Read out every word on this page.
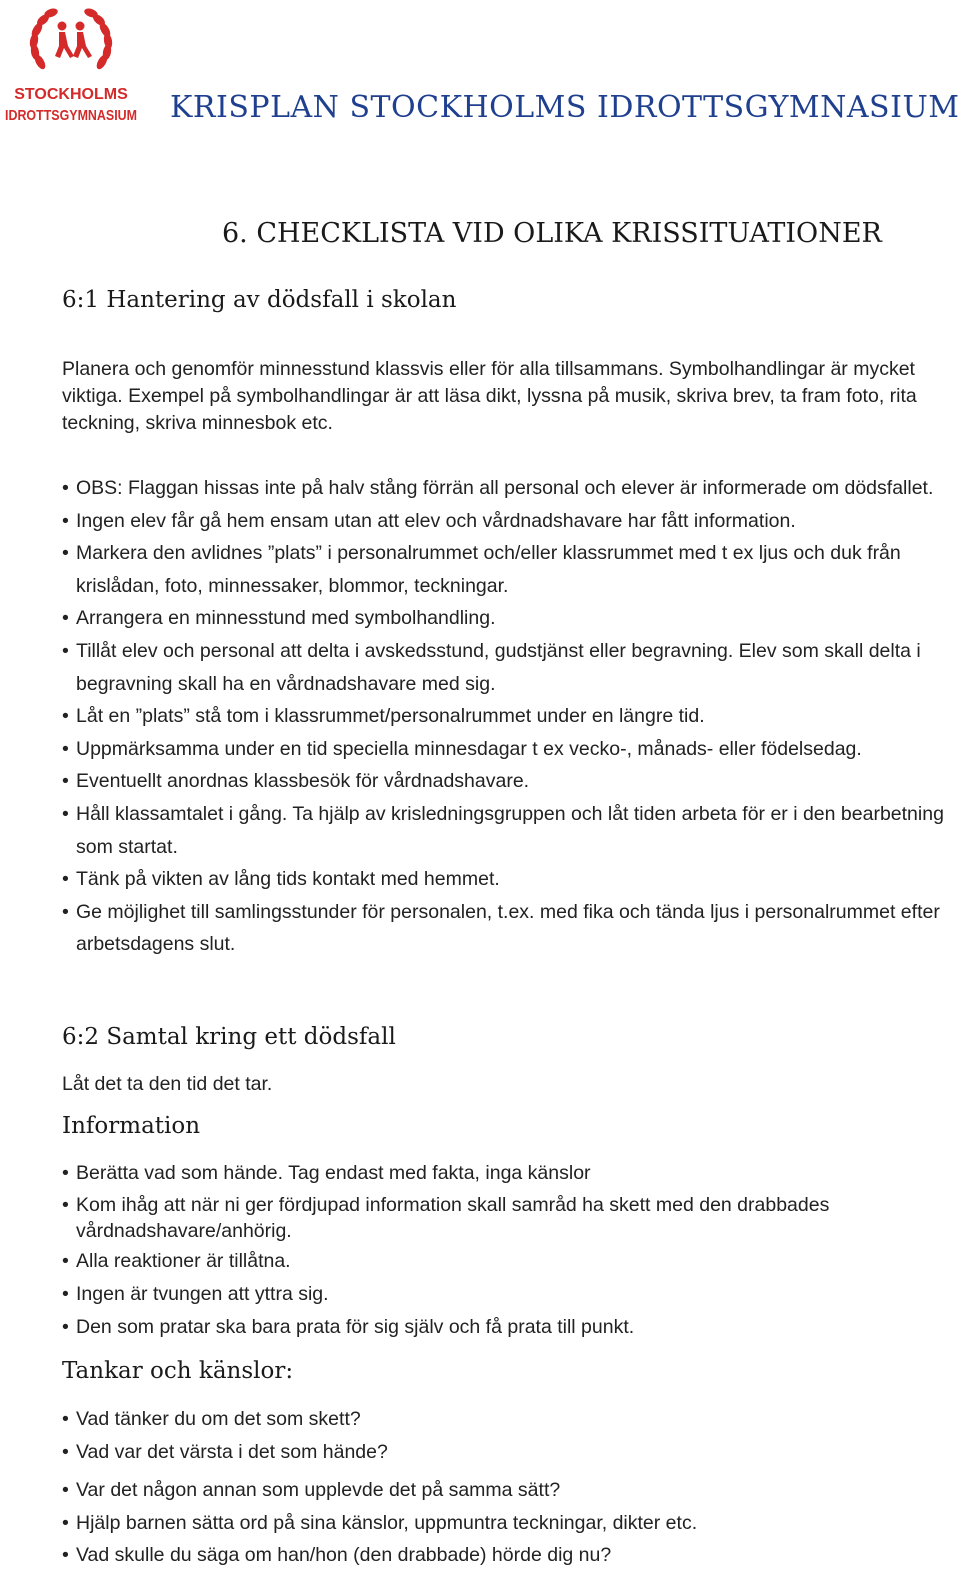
STOCKHOLMS
IDROTTSGYMNASIUM KRISPLAN STOCKHOLMS IDROTTSGYMNASIUM
6. CHECKLISTA VID OLIKA KRISSITUATIONER
6:1 Hantering av dödsfall i skolan

Planera och genomför minnesstund klassvis eller för alla tillsammans. Symbolhandlingar är mycket viktiga. Exempel på symbolhandlingar är att läsa dikt, lyssna på musik, skriva brev, ta fram foto, rita teckning, skriva minnesbok etc.

• OBS: Flaggan hissas inte på halv stång förrän all personal och elever är informerade om dödsfallet.
• Ingen elev får gå hem ensam utan att elev och vårdnadshavare har fått information.
• Markera den avlidnes ”plats” i personalrummet och/eller klassrummet med t ex ljus och duk från krislådan, foto, minnessaker, blommor, teckningar.
• Arrangera en minnesstund med symbolhandling.
• Tillåt elev och personal att delta i avskedsstund, gudstjänst eller begravning. Elev som skall delta i begravning skall ha en vårdnadshavare med sig.
• Låt en ”plats” stå tom i klassrummet/personalrummet under en längre tid.
• Uppmärksamma under en tid speciella minnesdagar t ex vecko-, månads- eller födelsedag.
• Eventuellt anordnas klassbesök för vårdnadshavare.
• Håll klassamtalet i gång. Ta hjälp av krisledningsgruppen och låt tiden arbeta för er i den bearbetning som startat.
• Tänk på vikten av lång tids kontakt med hemmet.
• Ge möjlighet till samlingsstunder för personalen, t.ex. med fika och tända ljus i personalrummet efter arbetsdagens slut.
6:2 Samtal kring ett dödsfall

Låt det ta den tid det tar.

Information
• Berätta vad som hände. Tag endast med fakta, inga känslor
• Kom ihåg att när ni ger fördjupad information skall samråd ha skett med den drabbades vårdnadshavare/anhörig.
• Alla reaktioner är tillåtna.
• Ingen är tvungen att yttra sig.
• Den som pratar ska bara prata för sig själv och få prata till punkt.
Tankar och känslor:
• Vad tänker du om det som skett?
• Vad var det värsta i det som hände?
• Var det någon annan som upplevde det på samma sätt?
• Hjälp barnen sätta ord på sina känslor, uppmuntra teckningar, dikter etc.
• Vad skulle du säga om han/hon (den drabbade) hörde dig nu?
